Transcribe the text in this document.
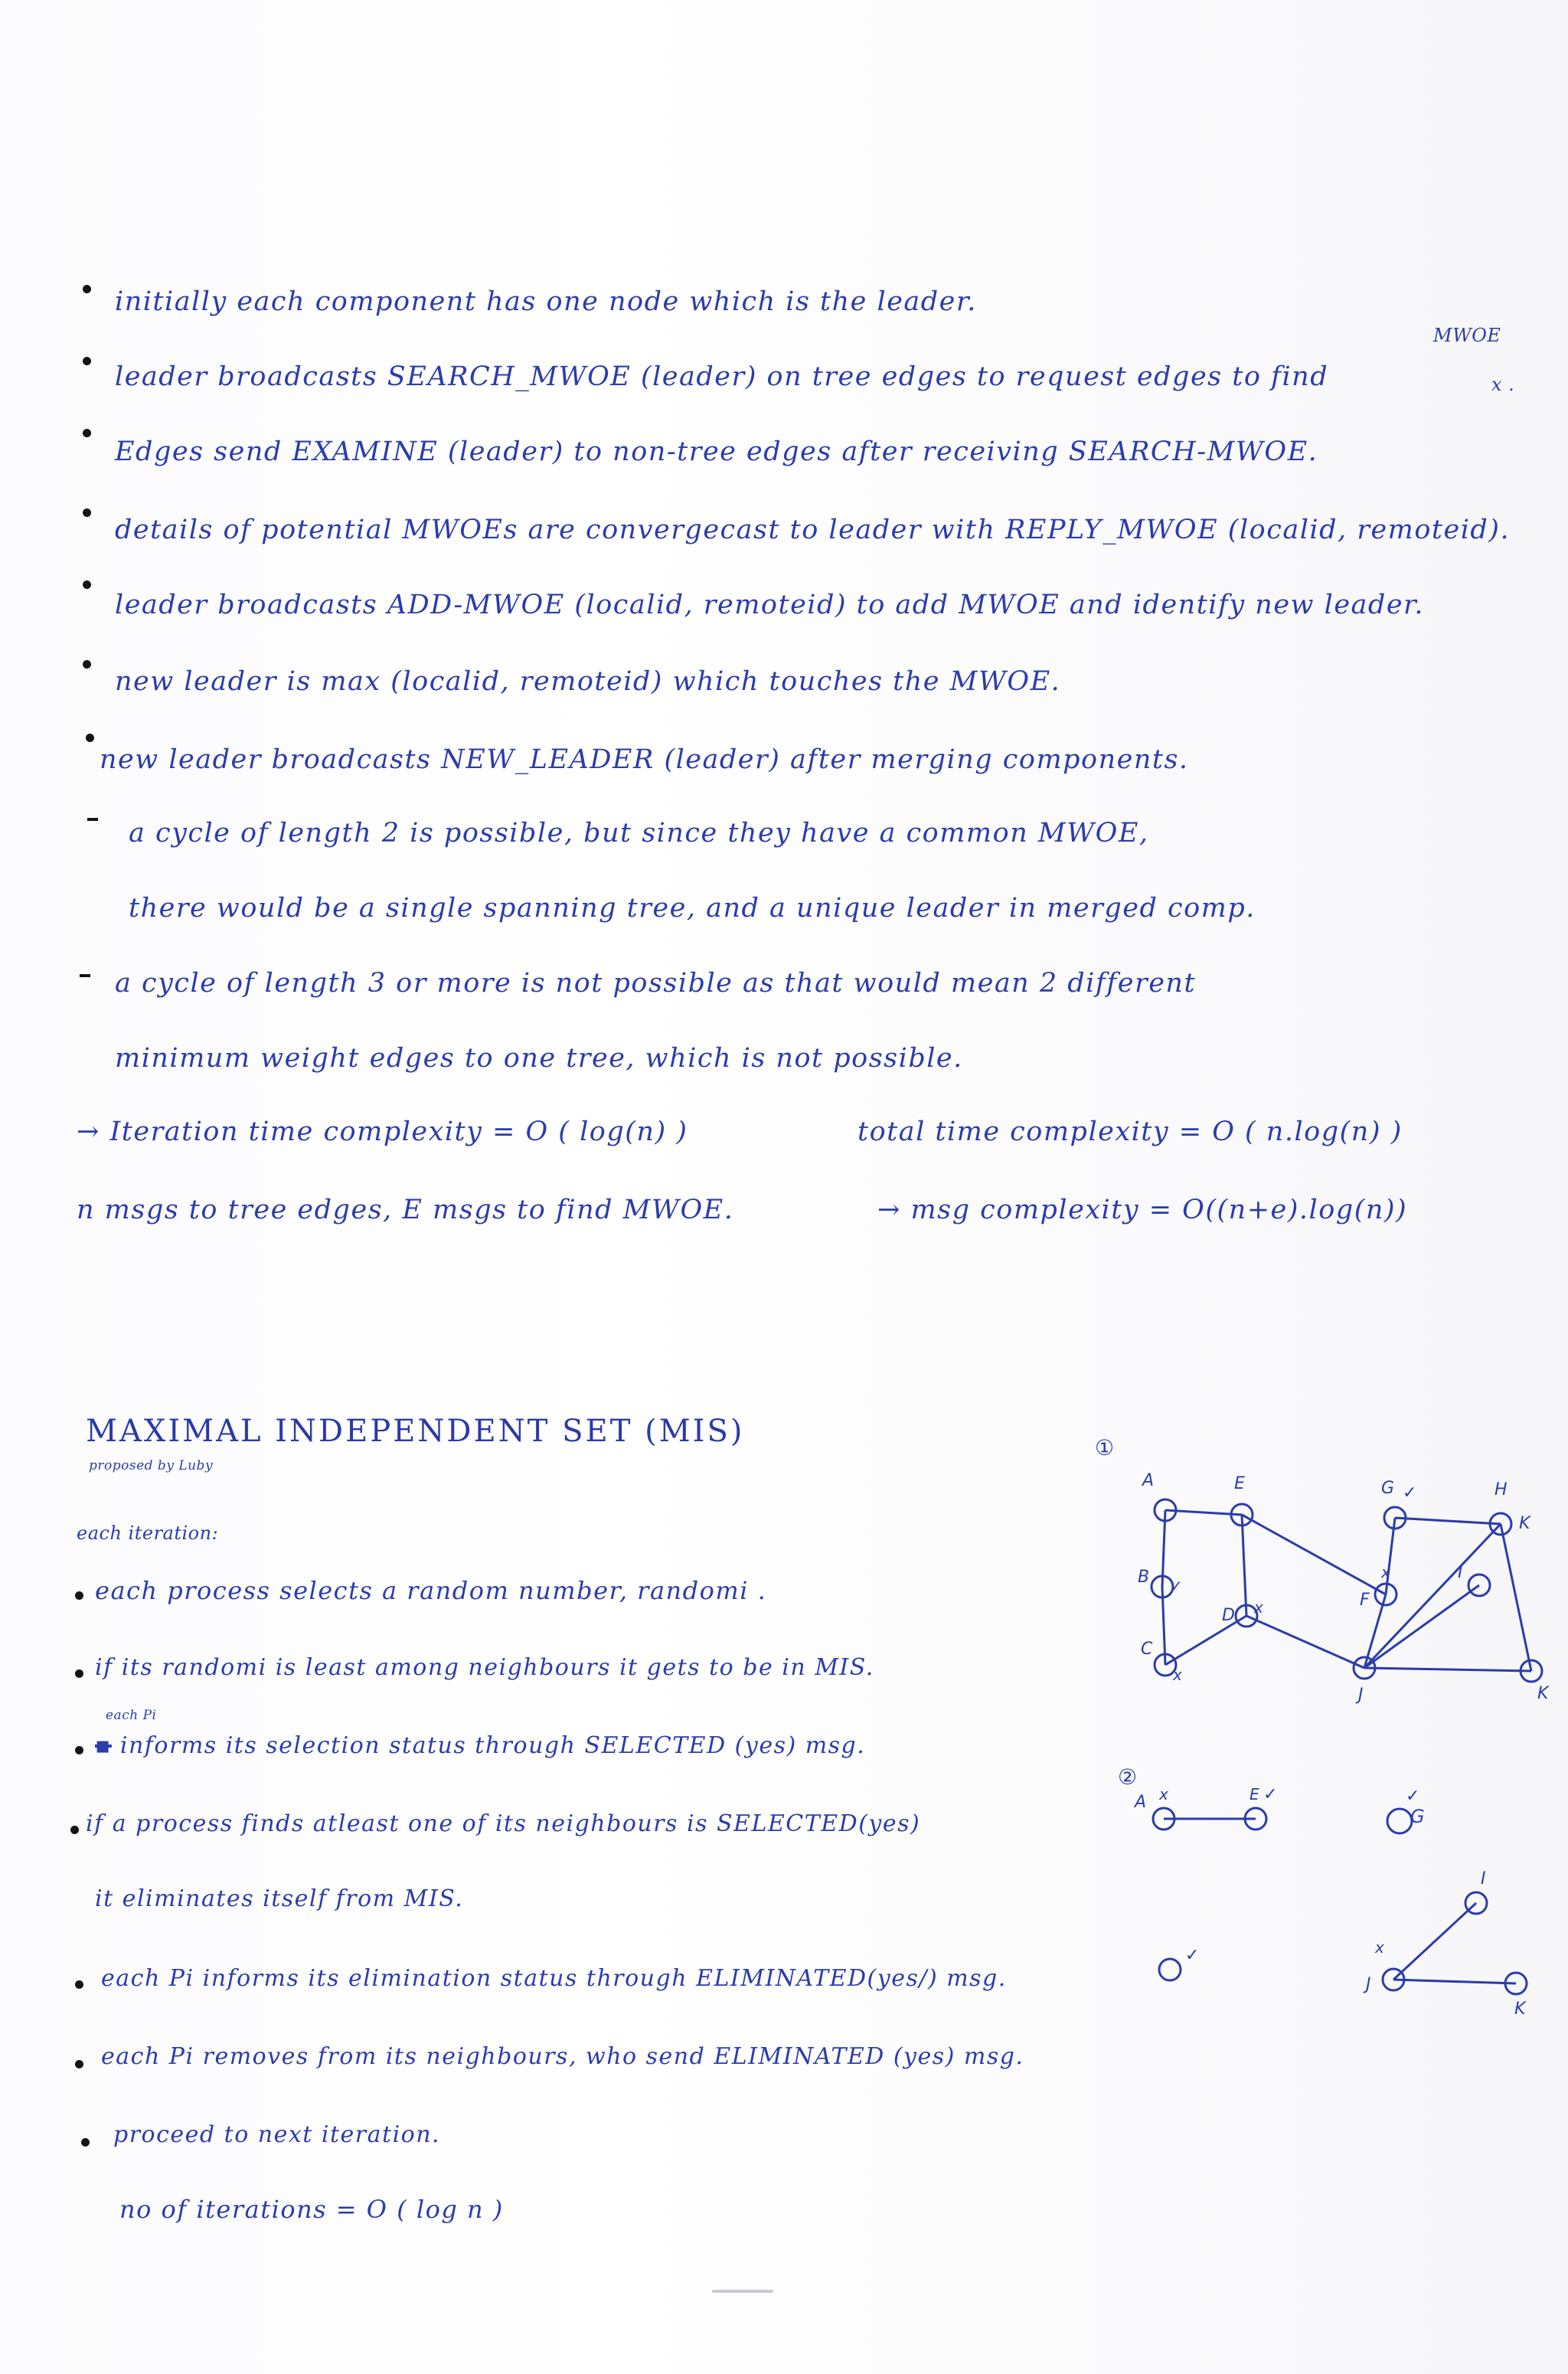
initially each component has one node which is the leader.
MWOE
leader broadcasts SEARCH_MWOE (leader) on tree edges to request edges to find	x .
Edges send EXAMINE (leader) to non-tree edges after receiving SEARCH-MWOE.
details of potential MWOEs are convergecast to leader with REPLY_MWOE (localid, remoteid).
leader broadcasts ADD-MWOE (localid, remoteid) to add MWOE and identify new leader.
new leader is max (localid, remoteid) which touches the MWOE.
new leader broadcasts NEW_LEADER (leader) after merging components.
a cycle of length 2 is possible, but since they have a common MWOE,
there would be a single spanning tree, and a unique leader in merged comp.
a cycle of length 3 or more is not possible as that would mean 2 different
minimum weight edges to one tree, which is not possible.
→ Iteration time complexity = O ( log(n) )	total time complexity = O ( n.log(n) )
n msgs to tree edges, E msgs to find MWOE.	→ msg complexity = O((n+e).log(n))
MAXIMAL INDEPENDENT SET (MIS)
proposed by Luby
each iteration:
each process selects a random number, randomi .
if its randomi is least among neighbours it gets to be in MIS.
each Pi
▪ informs its selection status through SELECTED (yes) msg.
if a process finds atleast one of its neighbours is SELECTED(yes)
it eliminates itself from MIS.
each Pi informs its elimination status through ELIMINATED(yes/) msg.
each Pi removes from its neighbours, who send ELIMINATED (yes) msg.
proceed to next iteration.
no of iterations = O ( log n )
①
②
A	E	G	H
K
B
D
F
I
C
J	K
✓
✓
x
x
x
A	E
G
I
J
K
x	✓	✓
✓	x
